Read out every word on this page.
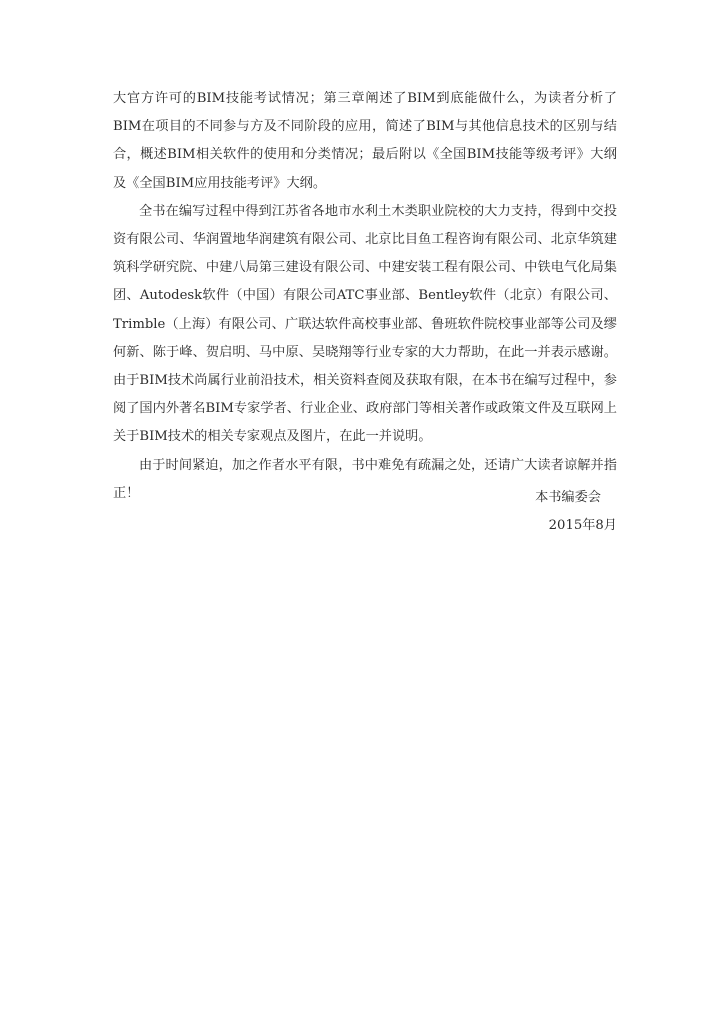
大官方许可的BIM技能考试情况；第三章阐述了BIM到底能做什么，为读者分析了BIM在项目的不同参与方及不同阶段的应用，简述了BIM与其他信息技术的区别与结合，概述BIM相关软件的使用和分类情况；最后附以《全国BIM技能等级考评》大纲及《全国BIM应用技能考评》大纲。

全书在编写过程中得到江苏省各地市水利土木类职业院校的大力支持，得到中交投资有限公司、华润置地华润建筑有限公司、北京比目鱼工程咨询有限公司、北京华筑建筑科学研究院、中建八局第三建设有限公司、中建安装工程有限公司、中铁电气化局集团、Autodesk软件（中国）有限公司ATC事业部、Bentley软件（北京）有限公司、Trimble（上海）有限公司、广联达软件高校事业部、鲁班软件院校事业部等公司及缪何新、陈于峰、贺启明、马中原、吴晓翔等行业专家的大力帮助，在此一并表示感谢。由于BIM技术尚属行业前沿技术，相关资料查阅及获取有限，在本书在编写过程中，参阅了国内外著名BIM专家学者、行业企业、政府部门等相关著作或政策文件及互联网上关于BIM技术的相关专家观点及图片，在此一并说明。

由于时间紧迫，加之作者水平有限，书中难免有疏漏之处，还请广大读者谅解并指正！	本书编委会
2015年8月
